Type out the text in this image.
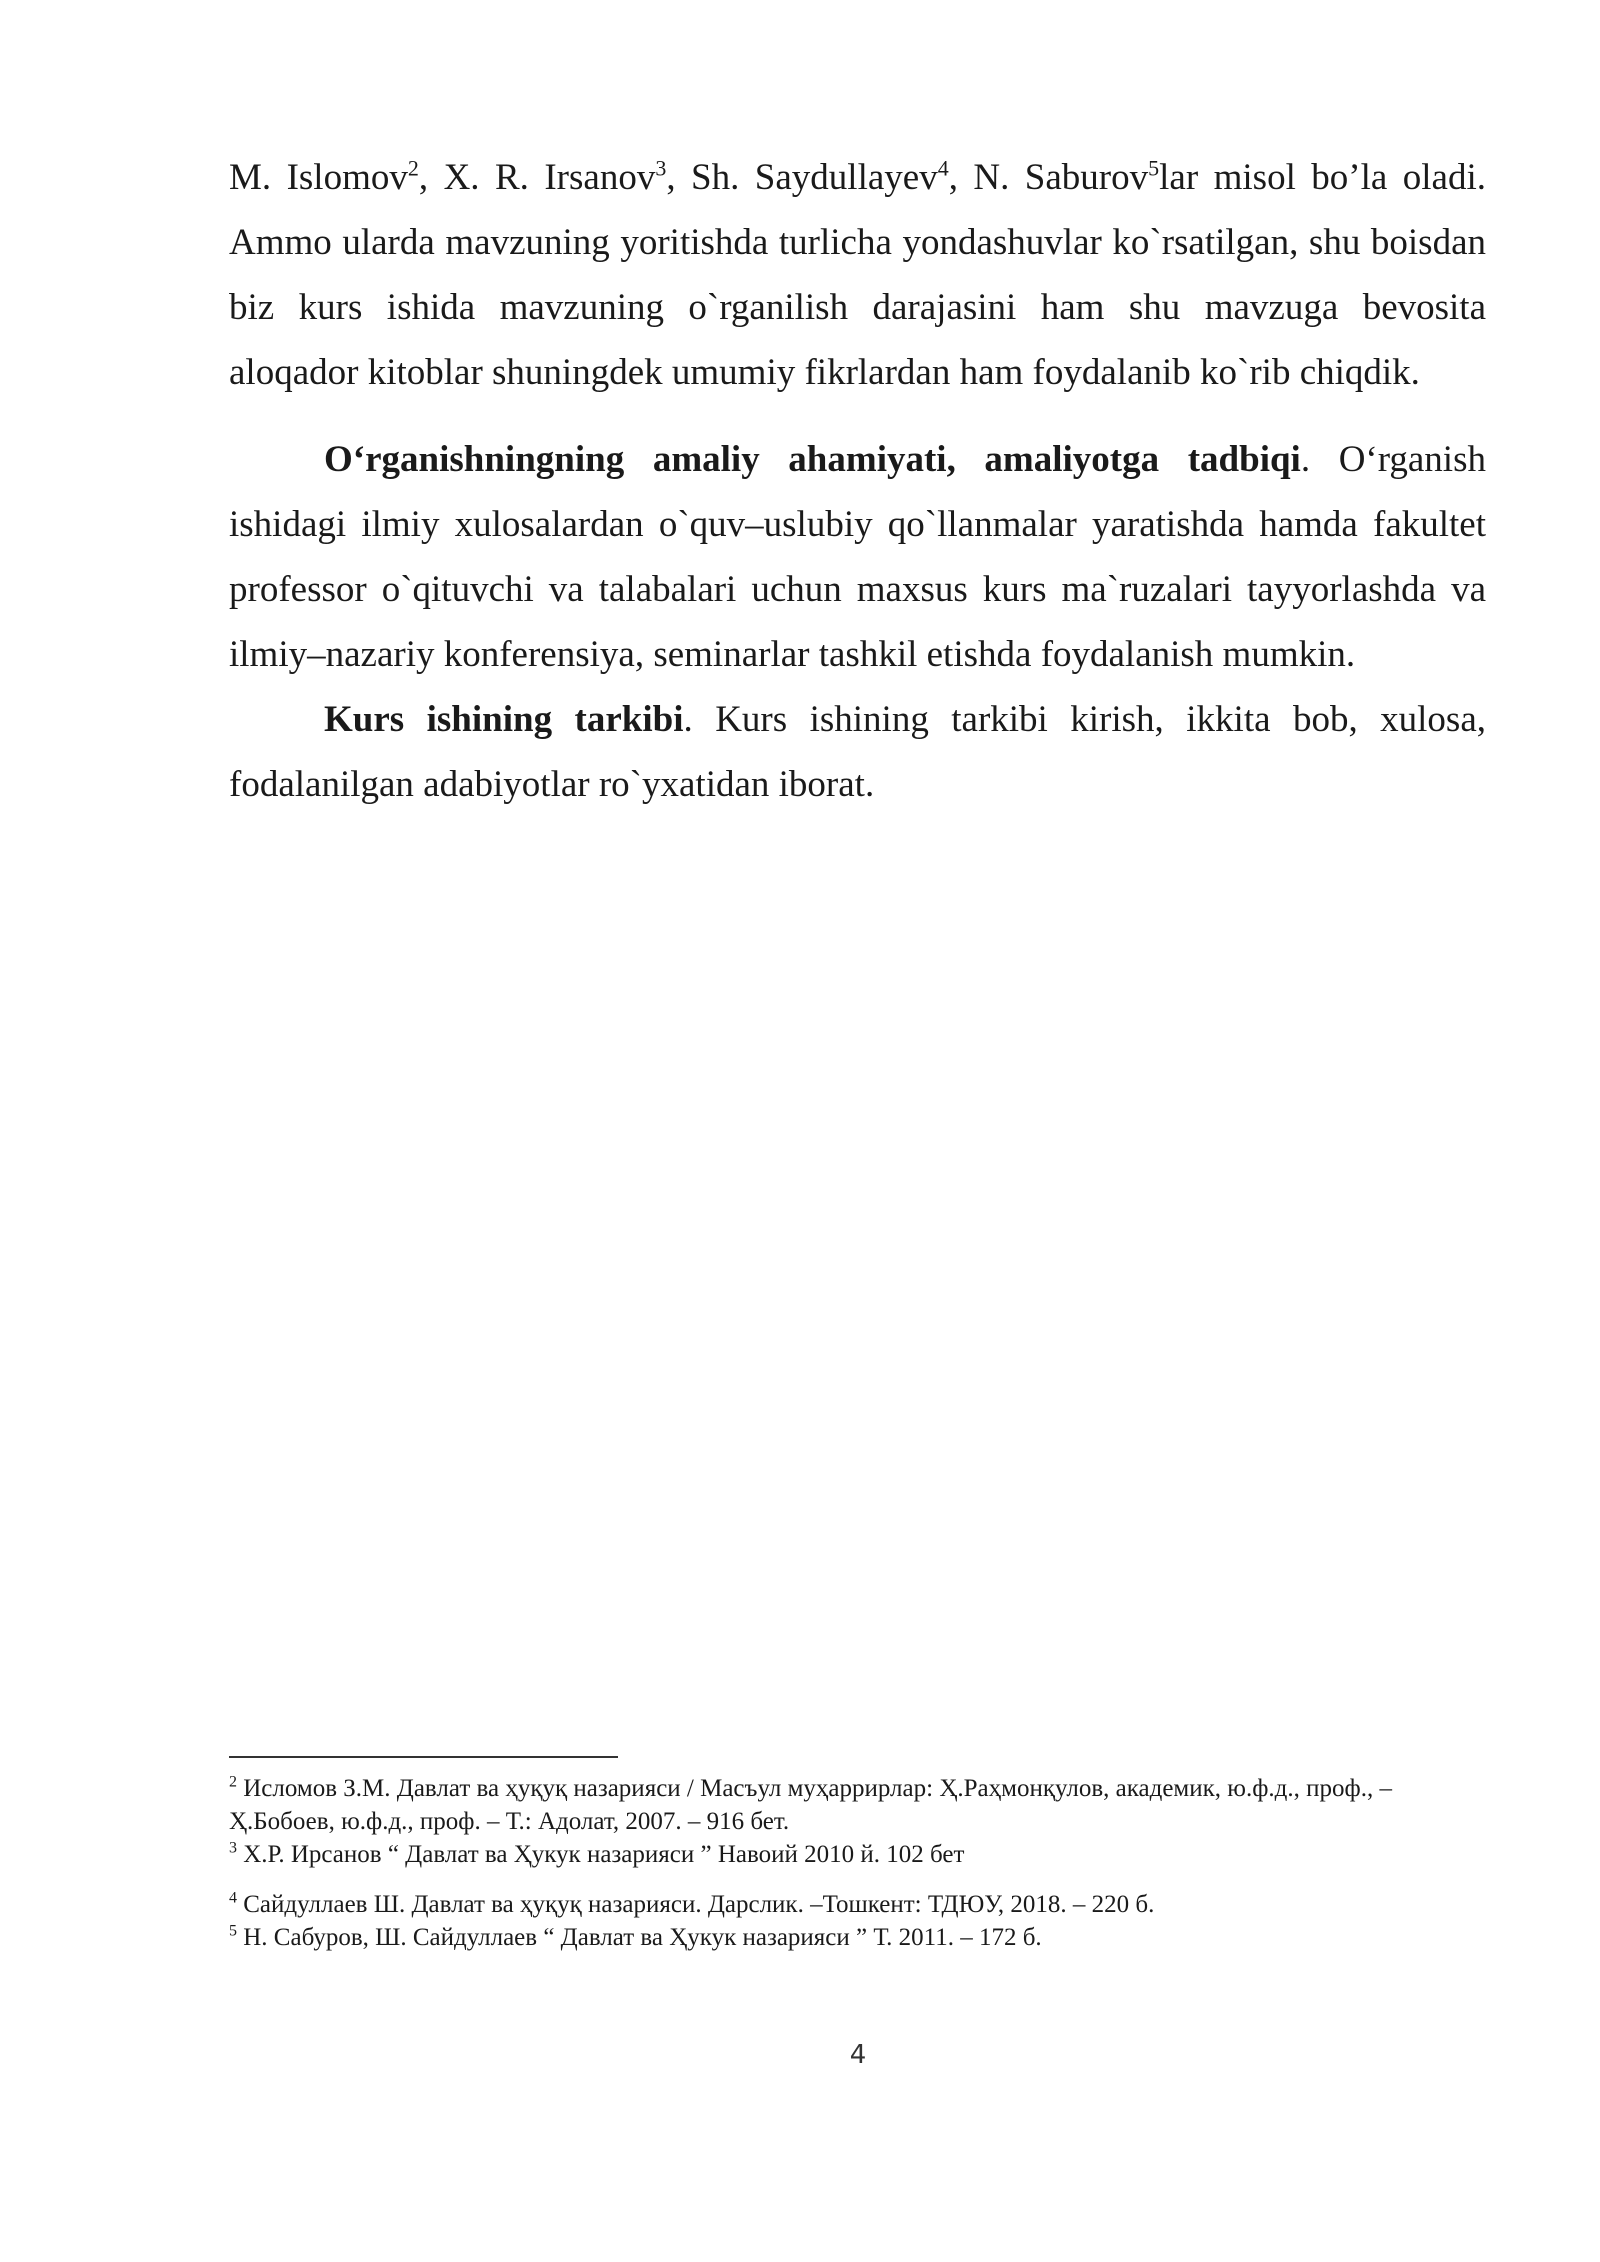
M. Islomov$^2$, X. R. Irsanov$^3$, Sh. Saydullayev$^4$, N. Saburov$^5$lar misol bo’la oladi. Ammo ularda mavzuning yoritishda turlicha yondashuvlar ko`rsatilgan, shu boisdan biz kurs ishida mavzuning o`rganilish darajasini ham shu mavzuga bevosita aloqador kitoblar shuningdek umumiy fikrlardan ham foydalanib ko`rib chiqdik.

O‘rganishningning amaliy ahamiyati, amaliyotga tadbiqi. O‘rganish ishidagi ilmiy xulosalardan o`quv–uslubiy qo`llanmalar yaratishda hamda fakultet professor o`qituvchi va talabalari uchun maxsus kurs ma`ruzalari tayyorlashda va ilmiy–nazariy konferensiya, seminarlar tashkil etishda foydalanish mumkin.

Kurs ishining tarkibi. Kurs ishining tarkibi kirish, ikkita bob, xulosa, fodalanilgan adabiyotlar ro`yxatidan iborat.

$^2$ Исломов З.М. Давлат ва ҳуқуқ назарияси / Масъул муҳаррирлар: Ҳ.Раҳмонқулов, академик, ю.ф.д., проф., – Ҳ.Бобоев, ю.ф.д., проф. – Т.: Адолат, 2007. – 916 бет.

$^3$ Х.Р. Ирсанов “ Давлат ва Ҳукук назарияси ” Навоий 2010 й. 102 бет

$^4$ Сайдуллаев Ш. Давлат ва ҳуқуқ назарияси. Дарслик. –Тошкент: ТДЮУ, 2018. – 220 б.

$^5$ Н. Сабуров, Ш. Сайдуллаев “ Давлат ва Ҳукук назарияси ” Т. 2011. – 172 б.

4
